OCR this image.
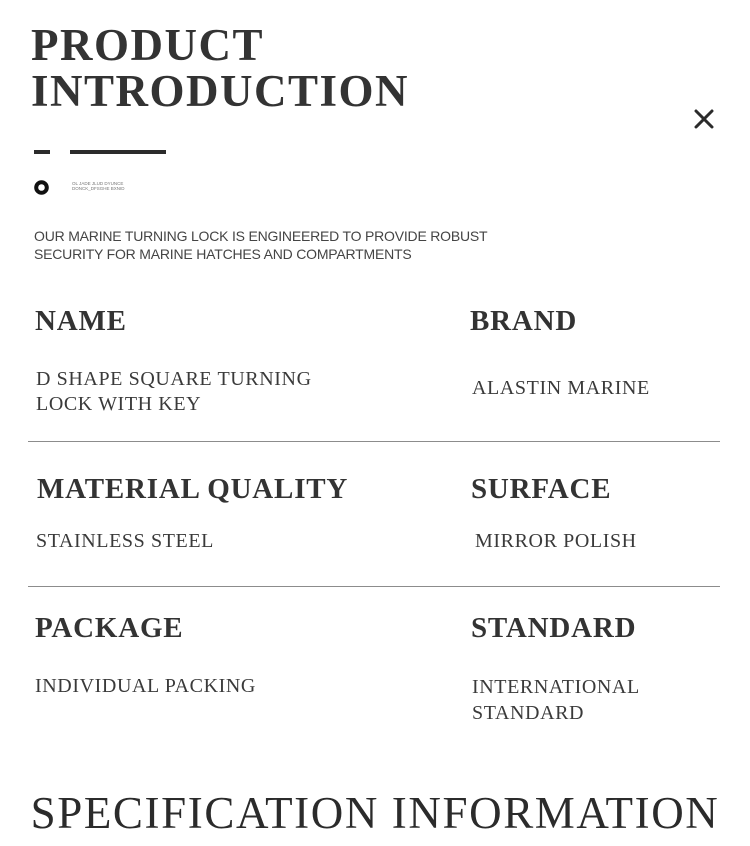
PRODUCT
INTRODUCTION
OL JADE JLUD DYUNCE DONCK_DFSGHE BXNID

OUR MARINE TURNING LOCK IS ENGINEERED TO PROVIDE ROBUST SECURITY FOR MARINE HATCHES AND COMPARTMENTS

NAME
D SHAPE SQUARE TURNING LOCK WITH KEY
BRAND
ALASTIN MARINE
MATERIAL QUALITY
STAINLESS STEEL
SURFACE
MIRROR POLISH
PACKAGE
INDIVIDUAL PACKING
STANDARD
INTERNATIONAL STANDARD
SPECIFICATION INFORMATION
